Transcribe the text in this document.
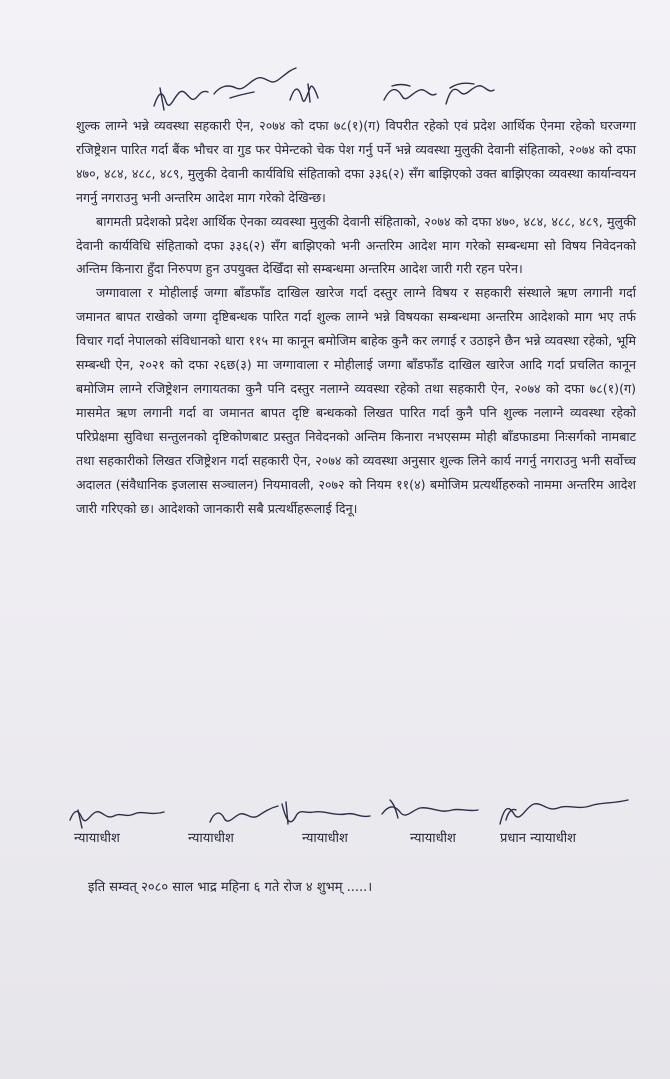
शुल्क लाग्ने भन्ने व्यवस्था सहकारी ऐन, २०७४ को दफा ७८(१)(ग) विपरीत रहेको एवं प्रदेश आर्थिक ऐनमा रहेको घरजग्गा रजिष्ट्रेशन पारित गर्दा बैंक भौचर वा गुड फर पेमेन्टको चेक पेश गर्नु पर्ने भन्ने व्यवस्था मुलुकी देवानी संहिताको, २०७४ को दफा ४७०, ४८४, ४८८, ४८९, मुलुकी देवानी कार्यविधि संहिताको दफा ३३६(२) सँग बाझिएको उक्त बाझिएका व्यवस्था कार्यान्वयन नगर्नु नगराउनु भनी अन्तरिम आदेश माग गरेको देखिन्छ।

बागमती प्रदेशको प्रदेश आर्थिक ऐनका व्यवस्था मुलुकी देवानी संहिताको, २०७४ को दफा ४७०, ४८४, ४८८, ४८९, मुलुकी देवानी कार्यविधि संहिताको दफा ३३६(२) सँग बाझिएको भनी अन्तरिम आदेश माग गरेको सम्बन्धमा सो विषय निवेदनको अन्तिम किनारा हुँदा निरुपण हुन उपयुक्त देखिँदा सो सम्बन्धमा अन्तरिम आदेश जारी गरी रहन परेन।

जग्गावाला र मोहीलाई जग्गा बाँडफाँड दाखिल खारेज गर्दा दस्तुर लाग्ने विषय र सहकारी संस्थाले ऋण लगानी गर्दा जमानत बापत राखेको जग्गा दृष्टिबन्धक पारित गर्दा शुल्क लाग्ने भन्ने विषयका सम्बन्धमा अन्तरिम आदेशको माग भए तर्फ विचार गर्दा नेपालको संविधानको धारा ११५ मा कानून बमोजिम बाहेक कुनै कर लगाई र उठाइने छैन भन्ने व्यवस्था रहेको, भूमि सम्बन्धी ऐन, २०२१ को दफा २६छ(३) मा जग्गावाला र मोहीलाई जग्गा बाँडफाँड दाखिल खारेज आदि गर्दा प्रचलित कानून बमोजिम लाग्ने रजिष्ट्रेशन लगायतका कुनै पनि दस्तुर नलाग्ने व्यवस्था रहेको तथा सहकारी ऐन, २०७४ को दफा ७८(१)(ग) मासमेत ऋण लगानी गर्दा वा जमानत बापत दृष्टि बन्धकको लिखत पारित गर्दा कुनै पनि शुल्क नलाग्ने व्यवस्था रहेको परिप्रेक्षमा सुविधा सन्तुलनको दृष्टिकोणबाट प्रस्तुत निवेदनको अन्तिम किनारा नभएसम्म मोही बाँडफाडमा निःसर्गको नामबाट तथा सहकारीको लिखत रजिष्ट्रेशन गर्दा सहकारी ऐन, २०७४ को व्यवस्था अनुसार शुल्क लिने कार्य नगर्नु नगराउनु भनी सर्वोच्च अदालत (संवैधानिक इजलास सञ्चालन) नियमावली, २०७२ को नियम ११(४) बमोजिम प्रत्यर्थीहरुको नाममा अन्तरिम आदेश जारी गरिएको छ। आदेशको जानकारी सबै प्रत्यर्थीहरूलाई दिनू।

न्यायाधीश	न्यायाधीश	न्यायाधीश	न्यायाधीश	प्रधान न्यायाधीश
इति सम्वत् २०८० साल भाद्र महिना ६ गते रोज ४ शुभम् .....।
